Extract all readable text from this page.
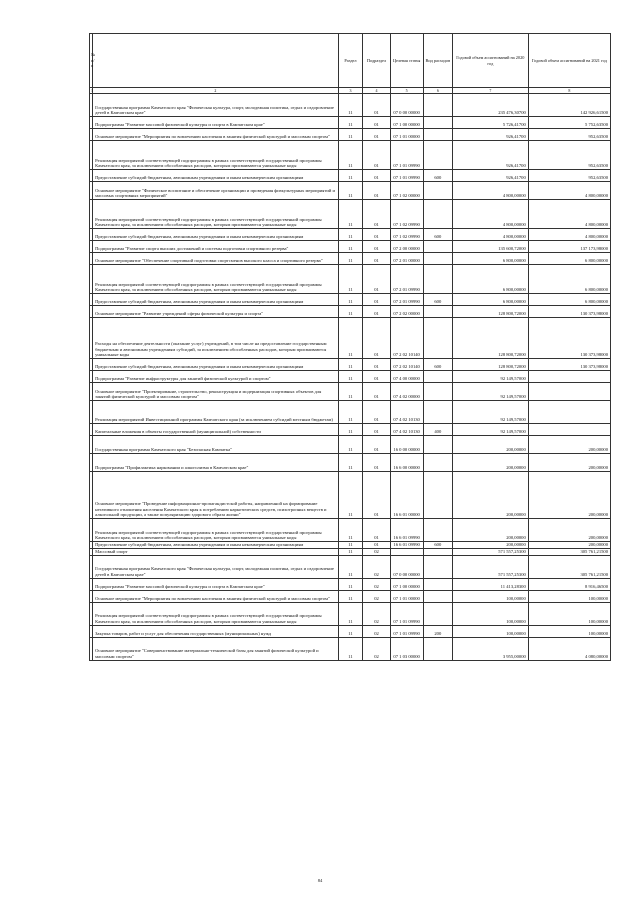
№ п/п		Раздел	Подраздел	Целевая статья	Вид расходов	Годовой объем ассигнований на 2020 год	Годовой объем ассигнований на 2021 год
1	2	3	4	5	6	7	8
	Государственная программа Камчатского края "Физическая культура, спорт, молодежная политика, отдых и оздоровление детей в Камчатском крае"	11	01	07 0 00 00000		235 476,30700	142 926,61500
	Подпрограмма "Развитие массовой физической культуры и спорта в Камчатском крае"	11	01	07 1 00 00000		5 726,41700	5 752,63500
	Основное мероприятие "Мероприятия по вовлечению населения в занятия физической культурой и массовым спортом"	11	01	07 1 01 00000		926,41700	952,63500
	Реализация мероприятий соответствующей подпрограммы в рамках соответствующей государственной программы Камчатского края, за исключением обособленных расходов, которым присваиваются уникальные коды	11	01	07 1 01 09990		926,41700	952,63500
	Предоставление субсидий бюджетным, автономным учреждениям и иным некоммерческим организациям	11	01	07 1 01 09990	600	926,41700	952,63500
	Основное мероприятие "Физическое воспитание и обеспечение организации и проведения физкультурных мероприятий и массовых спортивных мероприятий"	11	01	07 1 02 00000		4 800,00000	4 800,00000
	Реализация мероприятий соответствующей подпрограммы в рамках соответствующей государственной программы Камчатского края, за исключением обособленных расходов, которым присваиваются уникальные коды	11	01	07 1 02 09990		4 800,00000	4 800,00000
	Предоставление субсидий бюджетным, автономным учреждениям и иным некоммерческим организациям	11	01	07 1 02 09990	600	4 800,00000	4 800,00000
	Подпрограмма "Развитие спорта высших достижений и системы подготовки спортивного резерва"	11	01	07 2 00 00000		135 600,72000	137 173,98000
	Основное мероприятие "Обеспечение спортивной подготовки спортсменов высокого класса и спортивного резерва"	11	01	07 2 01 00000		6 800,00000	6 800,00000
	Реализация мероприятий соответствующей подпрограммы в рамках соответствующей государственной программы Камчатского края, за исключением обособленных расходов, которым присваиваются уникальные коды	11	01	07 2 01 09990		6 800,00000	6 800,00000
	Предоставление субсидий бюджетным, автономным учреждениям и иным некоммерческим организациям	11	01	07 2 01 09990	600	6 800,00000	6 800,00000
	Основное мероприятие "Развитие учреждений сферы физической культуры и спорта"	11	01	07 2 02 00000		128 800,72000	130 373,98000
	Расходы на обеспечение деятельности (оказание услуг) учреждений, в том числе на предоставление государственным бюджетным и автономным учреждениям субсидий, за исключением обособленных расходов, которым присваиваются уникальные коды	11	01	07 2 02 10140		128 800,72000	130 373,98000
	Предоставление субсидий бюджетным, автономным учреждениям и иным некоммерческим организациям	11	01	07 2 02 10140	600	128 800,72000	130 373,98000
	Подпрограмма "Развитие инфраструктуры для занятий физической культурой и спортом"	11	01	07 4 00 00000		92 149,57000	
	Основное мероприятие "Проектирование, строительство, реконструкция и модернизация спортивных объектов для занятий физической культурой и массовым спортом"	11	01	07 4 02 00000		92 149,57000	
	Реализация мероприятий Инвестиционной программы Камчатского края (за исключением субсидий местным бюджетам)	11	01	07 4 02 10130		92 149,57000	
	Капитальные вложения в объекты государственной (муниципальной) собственности	11	01	07 4 02 10130	400	92 149,57000	
	Государственная программа Камчатского края "Безопасная Камчатка"	11	01	16 0 00 00000		200,00000	200,00000
	Подпрограмма "Профилактика наркомании и алкоголизма в Камчатском крае"	11	01	16 6 00 00000		200,00000	200,00000
	Основное мероприятие "Проведение информационно-пропагандистской работы, направленной на формирование негативного отношения населения Камчатского края к потреблению наркотических средств, психотропных веществ и алкогольной продукции, а также популяризацию здорового образа жизни"	11	01	16 6 01 00000		200,00000	200,00000
	Реализация мероприятий соответствующей подпрограммы в рамках соответствующей государственной программы Камчатского края, за исключением обособленных расходов, которым присваиваются уникальные коды	11	01	16 6 01 09990		200,00000	200,00000
	Предоставление субсидий бюджетным, автономным учреждениям и иным некоммерческим организациям	11	01	16 6 01 09990	600	200,00000	200,00000
	Массовый спорт	11	02			571 557,25300	305 761,21500
	Государственная программа Камчатского края "Физическая культура, спорт, молодежная политика, отдых и оздоровление детей в Камчатском крае"	11	02	07 0 00 00000		571 557,25300	305 761,21500
	Подпрограмма "Развитие массовой физической культуры и спорта в Камчатском крае"	11	02	07 1 00 00000		11 413,28300	8 916,46500
	Основное мероприятие "Мероприятия по вовлечению населения в занятия физической культурой и массовым спортом"	11	02	07 1 01 00000		100,00000	100,00000
	Реализация мероприятий соответствующей подпрограммы в рамках соответствующей государственной программы Камчатского края, за исключением обособленных расходов, которым присваиваются уникальные коды	11	02	07 1 01 09990		100,00000	100,00000
	Закупка товаров, работ и услуг для обеспечения государственных (муниципальных) нужд	11	02	07 1 01 09990	200	100,00000	100,00000
	Основное мероприятие "Совершенствование материально-технической базы для занятий физической культурой и массовым спортом"	11	02	07 1 03 00000		3 955,00000	4 080,00000
84
